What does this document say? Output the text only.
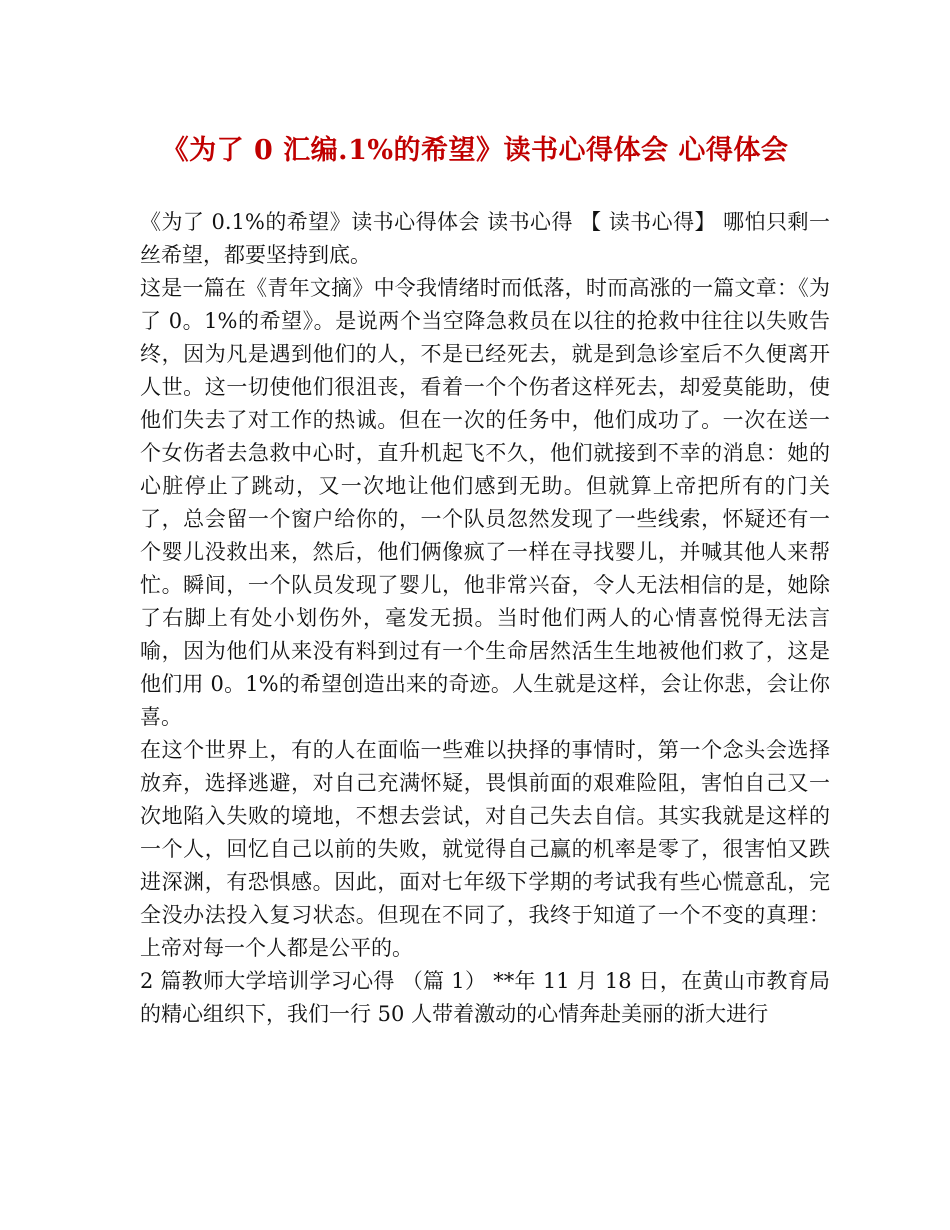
《为了 0 汇编.1%的希望》读书心得体会 心得体会

《为了 0.1%的希望》读书心得体会 读书心得 【 读书心得】 哪怕只剩一丝希望，都要坚持到底。

这是一篇在《青年文摘》中令我情绪时而低落，时而高涨的一篇文章：《为了 0。1%的希望》。是说两个当空降急救员在以往的抢救中往往以失败告终，因为凡是遇到他们的人，不是已经死去，就是到急诊室后不久便离开人世。这一切使他们很沮丧，看着一个个伤者这样死去，却爱莫能助，使他们失去了对工作的热诚。但在一次的任务中，他们成功了。一次在送一个女伤者去急救中心时，直升机起飞不久，他们就接到不幸的消息：她的心脏停止了跳动，又一次地让他们感到无助。但就算上帝把所有的门关了，总会留一个窗户给你的，一个队员忽然发现了一些线索，怀疑还有一个婴儿没救出来，然后，他们俩像疯了一样在寻找婴儿，并喊其他人来帮忙。瞬间，一个队员发现了婴儿，他非常兴奋，令人无法相信的是，她除了右脚上有处小划伤外，毫发无损。当时他们两人的心情喜悦得无法言喻，因为他们从来没有料到过有一个生命居然活生生地被他们救了，这是他们用 0。1%的希望创造出来的奇迹。人生就是这样，会让你悲，会让你喜。

在这个世界上，有的人在面临一些难以抉择的事情时，第一个念头会选择放弃，选择逃避，对自己充满怀疑，畏惧前面的艰难险阻，害怕自己又一次地陷入失败的境地，不想去尝试，对自己失去自信。其实我就是这样的一个人，回忆自己以前的失败，就觉得自己赢的机率是零了，很害怕又跌进深渊，有恐惧感。因此，面对七年级下学期的考试我有些心慌意乱，完全没办法投入复习状态。但现在不同了，我终于知道了一个不变的真理：上帝对每一个人都是公平的。

2 篇教师大学培训学习心得 （篇 1） **年 11 月 18 日，在黄山市教育局的精心组织下，我们一行 50 人带着激动的心情奔赴美丽的浙大进行
